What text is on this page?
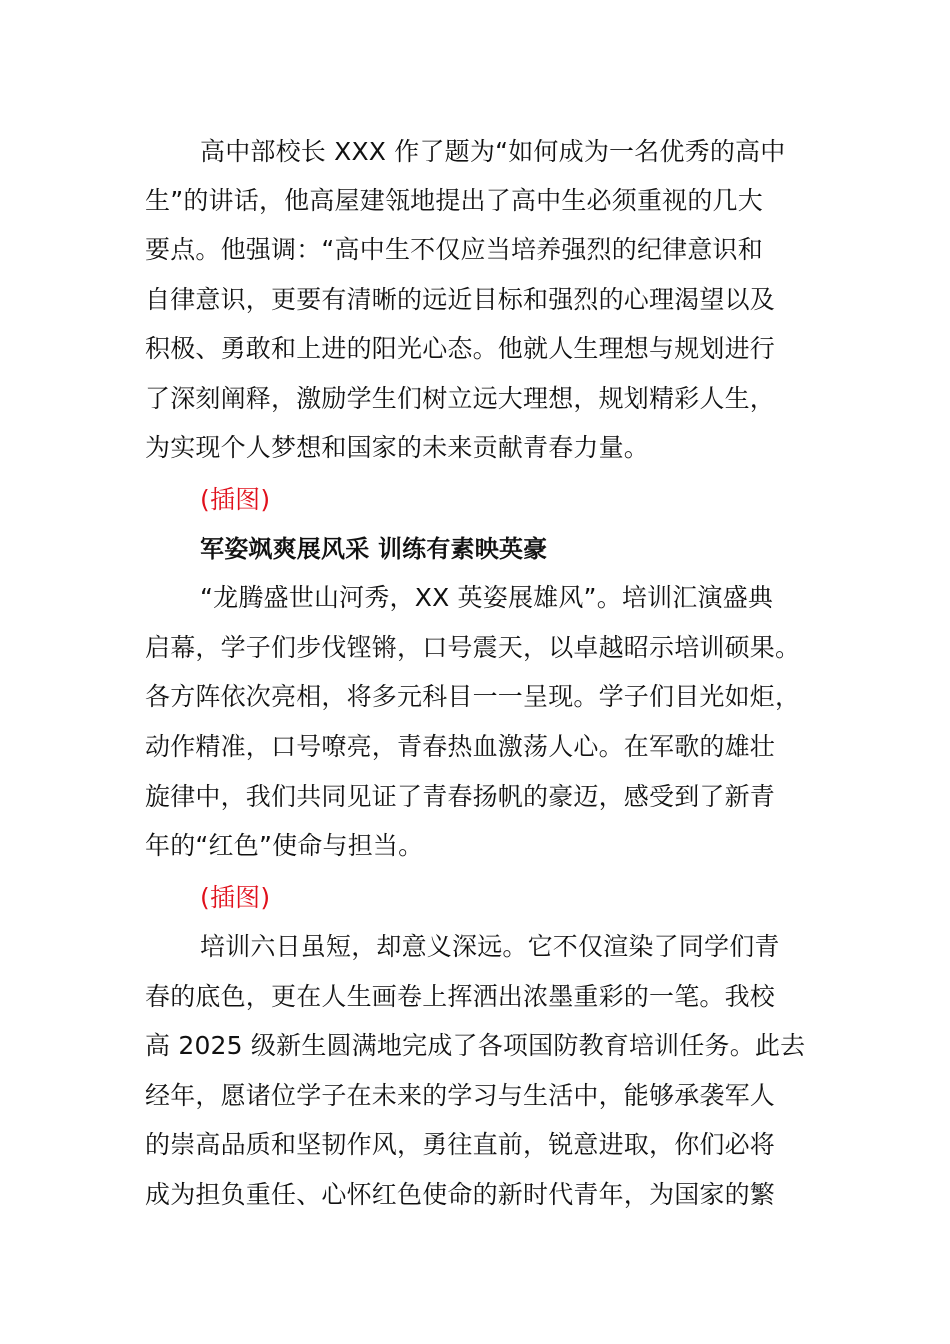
高中部校长 XXX 作了题为“如何成为一名优秀的高中
生”的讲话，他高屋建瓴地提出了高中生必须重视的几大
要点。他强调：“高中生不仅应当培养强烈的纪律意识和
自律意识，更要有清晰的远近目标和强烈的心理渴望以及
积极、勇敢和上进的阳光心态。他就人生理想与规划进行
了深刻阐释，激励学生们树立远大理想，规划精彩人生，
为实现个人梦想和国家的未来贡献青春力量。
(插图)
军姿飒爽展风采 训练有素映英豪
“龙腾盛世山河秀，XX 英姿展雄风”。培训汇演盛典
启幕，学子们步伐铿锵，口号震天，以卓越昭示培训硕果。
各方阵依次亮相，将多元科目一一呈现。学子们目光如炬，
动作精准，口号嘹亮，青春热血激荡人心。在军歌的雄壮
旋律中，我们共同见证了青春扬帆的豪迈，感受到了新青
年的“红色”使命与担当。
(插图)
培训六日虽短，却意义深远。它不仅渲染了同学们青
春的底色，更在人生画卷上挥洒出浓墨重彩的一笔。我校
高 2025 级新生圆满地完成了各项国防教育培训任务。此去
经年，愿诸位学子在未来的学习与生活中，能够承袭军人
的崇高品质和坚韧作风，勇往直前，锐意进取，你们必将
成为担负重任、心怀红色使命的新时代青年，为国家的繁
